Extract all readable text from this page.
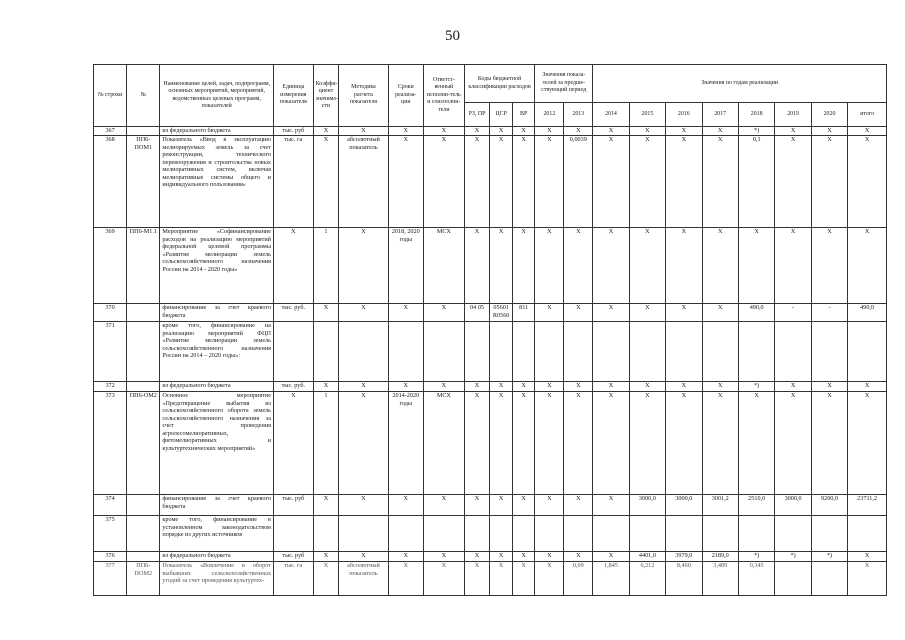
50
№ строки	№	Наименование целей, задач, подпрограмм, основных мероприятий, мероприятий, ведомственных целевых программ, показателей	Единица измерения показателя	Коэффи-циент значимо-сти	Методика расчета показателя	Сроки реализа-ции	Ответст-венный исполни-тель и соисполни-тели	Коды бюджетной классификации расходов			Значения показа-телей за предше-ствующий период		Значения по годам реализации							
								РЗ, ПР	ЦСР	ВР	2012	2013	2014	2015	2016	2017	2018	2019	2020	итого
367		из федерального бюджета	тыс. руб	X	X	X	X	X	X	X	X	X	X	X	X	X	*)	X	X	X
368	ПП6-ПОМ1	Показатель «Ввод в эксплуатацию мелиорируемых земель за счет реконструкции, технического перевооружения и строительства новых мелиоративных систем, включая мелиоративные системы общего и индивидуального пользования»	тыс. га	X	абсолютный показатель	X	X	X	X	X	X	0,0039	X	X	X	X	0,1	X	X	X
369	ПП6-М1.1	Мероприятие «Софинансирование расходов на реализацию мероприятий федеральной целевой программы «Развитие мелиорации земель сельскохозяйственного назначения России на 2014 - 2020 годы»	X	1	X	2018, 2020 годы	МСХ	X	X	X	X	X	X	X	X	X	X	X	X	X
370		финансирование за счет краевого бюджета	тыс. руб.	X	X	X	X	04 05	05601 R0560	811	X	X	X	X	X	X	490,0	-	-	490,0
371		кроме того, финансирование на реализацию мероприятий ФЦП «Развитие мелиорации земель сельскохозяйственного назначения России на 2014 – 2020 годы»:																		
372		из федерального бюджета	тыс. руб.	X	X	X	X	X	X	X	X	X	X	X	X	X	*)	X	X	X
373	ПП6-ОМ2	Основное мероприятие «Предотвращение выбытия из сельскохозяйственного оборота земель сельскохозяйственного назначения за счет проведения агролесомелиоративных, фитомелиоративных и культуртехнических мероприятий»	X	1	X	2014-2020 годы	МСХ	X	X	X	X	X	X	X	X	X	X	X	X	X
374		финансирование за счет краевого бюджета	тыс. руб	X	X	X	X	X	X	X	X	X	X	3000,0	3000,0	3001,2	2510,0	3000,0	9200,0	23711,2
375		кроме того, финансирование в установленном законодательством порядке из других источников																		
376		из федерального бюджета	тыс. руб	X	X	X	X	X	X	X	X	X	X	4401,0	3979,0	2189,0	*)	*)	*)	X
377	ПП6-ПОМ2	Показатель «Вовлечение в оборот выбывших сельскохозяйственных угодий за счет проведения культуртех-	тыс. га	X	абсолютный показатель	X	X	X	X	X	X	0,09	1,845	6,212	8,460	3,489	0,345			X
